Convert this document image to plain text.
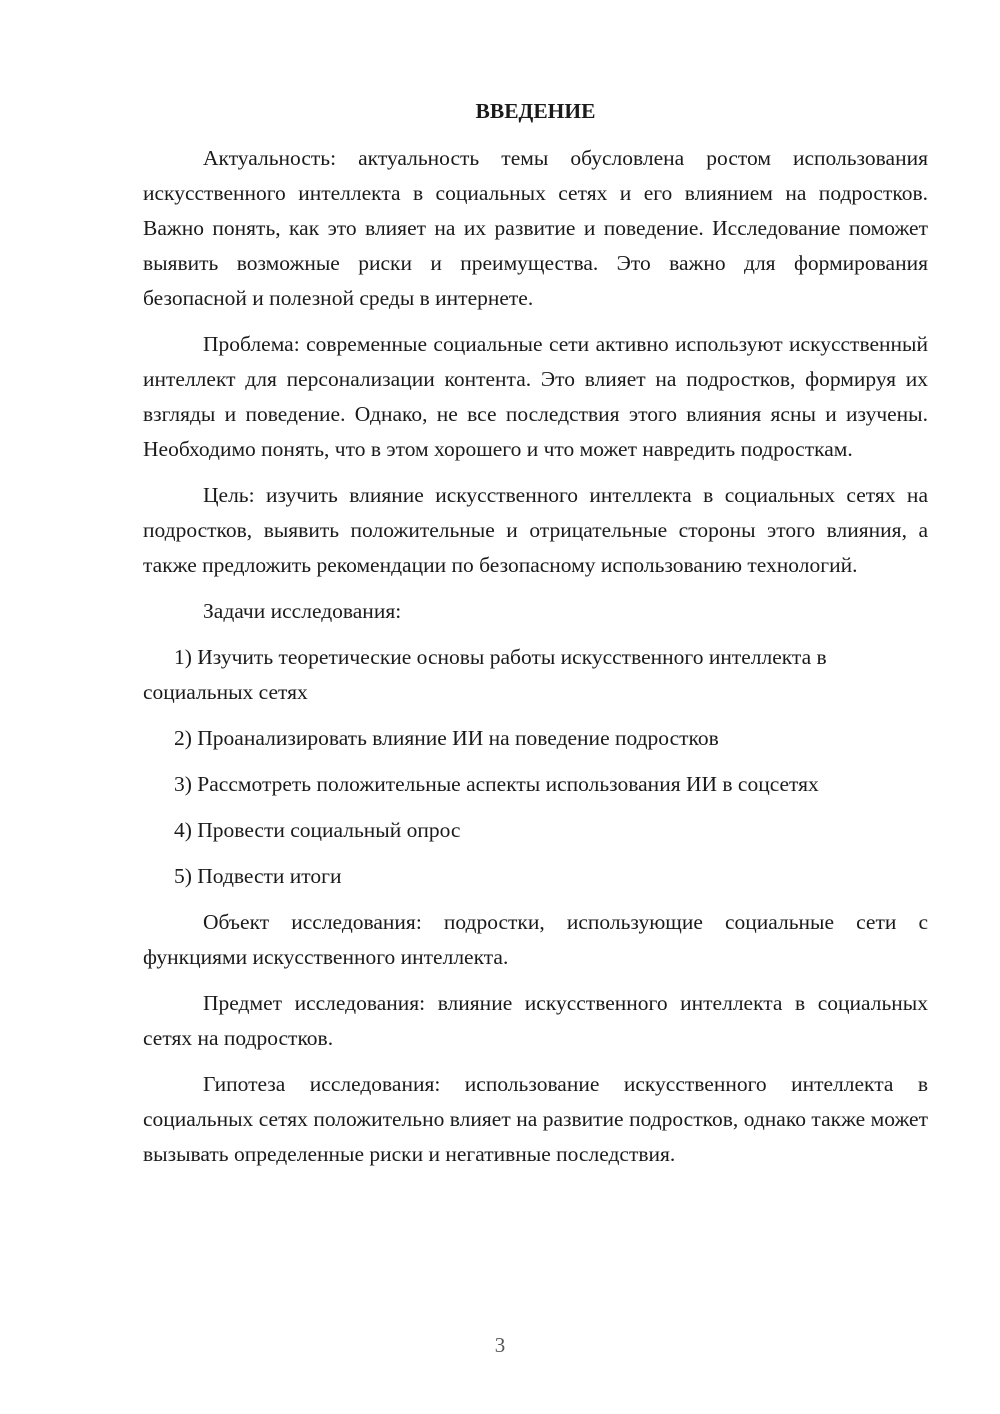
ВВЕДЕНИЕ

Актуальность: актуальность темы обусловлена ростом использования искусственного интеллекта в социальных сетях и его влиянием на подростков. Важно понять, как это влияет на их развитие и поведение. Исследование поможет выявить возможные риски и преимущества. Это важно для формирования безопасной и полезной среды в интернете.

Проблема: современные социальные сети активно используют искусственный интеллект для персонализации контента. Это влияет на подростков, формируя их взгляды и поведение. Однако, не все последствия этого влияния ясны и изучены. Необходимо понять, что в этом хорошего и что может навредить подросткам.

Цель: изучить влияние искусственного интеллекта в социальных сетях на подростков, выявить положительные и отрицательные стороны этого влияния, а также предложить рекомендации по безопасному использованию технологий.

Задачи исследования:

1) Изучить теоретические основы работы искусственного интеллекта в социальных сетях

2) Проанализировать влияние ИИ на поведение подростков

3) Рассмотреть положительные аспекты использования ИИ в соцсетях

4) Провести социальный опрос

5) Подвести итоги

Объект исследования: подростки, использующие социальные сети с функциями искусственного интеллекта.

Предмет исследования: влияние искусственного интеллекта в социальных сетях на подростков.

Гипотеза исследования: использование искусственного интеллекта в социальных сетях положительно влияет на развитие подростков, однако также может вызывать определенные риски и негативные последствия.

3
